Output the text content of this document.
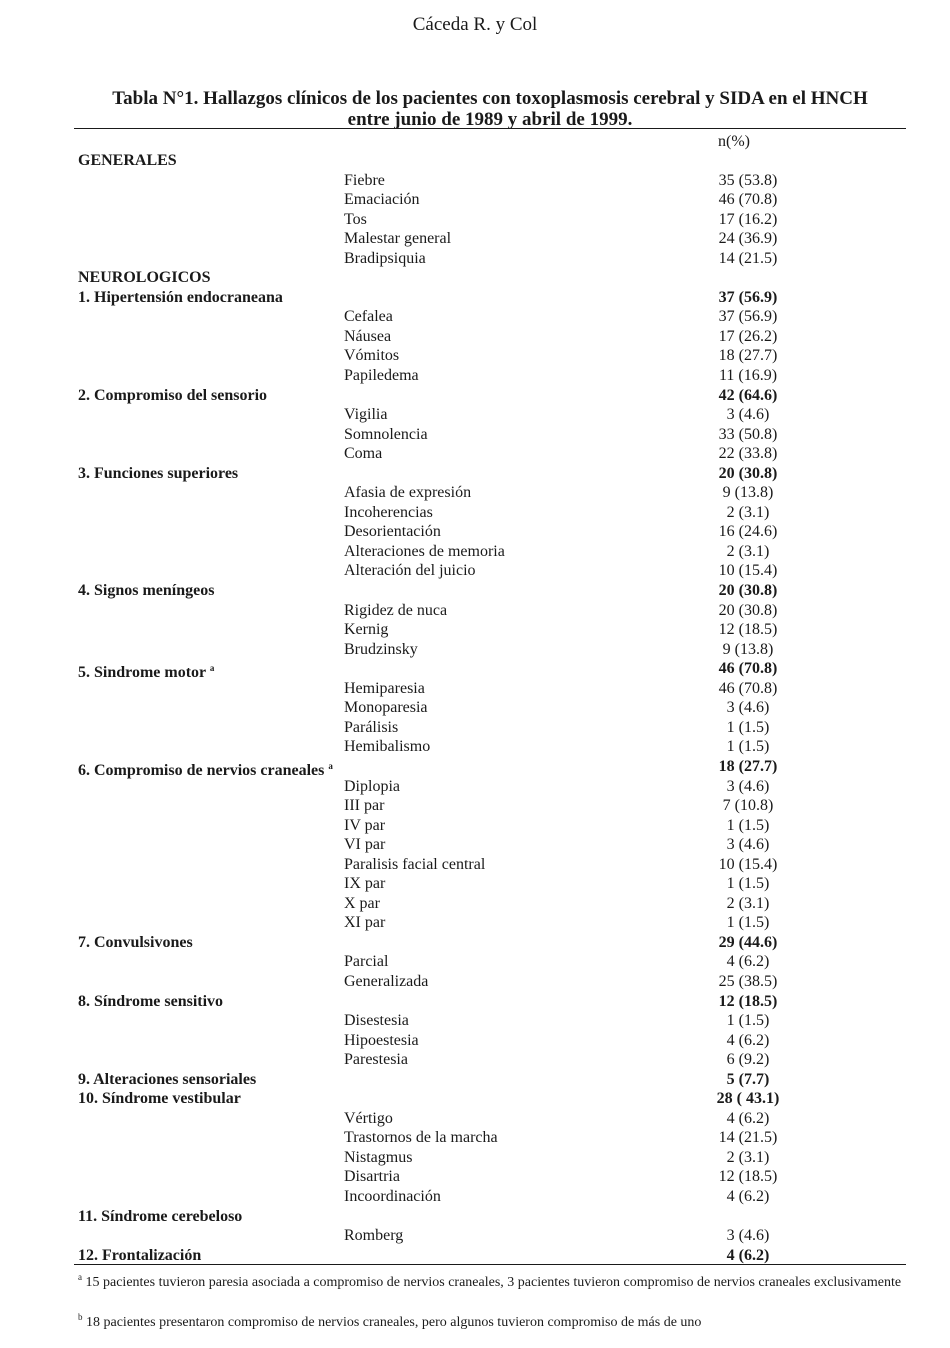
Cáceda R. y Col
Tabla N°1. Hallazgos clínicos de los pacientes con toxoplasmosis cerebral y SIDA en el HNCH
entre junio de 1989 y abril de 1999.
n(%)
GENERALES
Fiebre	35 (53.8)
Emaciación	46 (70.8)
Tos	17 (16.2)
Malestar general	24 (36.9)
Bradipsiquia	14 (21.5)
NEUROLOGICOS
1. Hipertensión endocraneana	37 (56.9)
Cefalea	37 (56.9)
Náusea	17 (26.2)
Vómitos	18 (27.7)
Papiledema	11 (16.9)
2. Compromiso del sensorio	42 (64.6)
Vigilia	3 (4.6)
Somnolencia	33 (50.8)
Coma	22 (33.8)
3. Funciones superiores	20 (30.8)
Afasia de expresión	9 (13.8)
Incoherencias	2 (3.1)
Desorientación	16 (24.6)
Alteraciones de memoria	2 (3.1)
Alteración del juicio	10 (15.4)
4. Signos meníngeos	20 (30.8)
Rigidez de nuca	20 (30.8)
Kernig	12 (18.5)
Brudzinsky	9 (13.8)
5. Sindrome motor $^a$	46 (70.8)
Hemiparesia	46 (70.8)
Monoparesia	3 (4.6)
Parálisis	1 (1.5)
Hemibalismo	1 (1.5)
6. Compromiso de nervios craneales $^a$	18 (27.7)
Diplopia	3 (4.6)
III par	7 (10.8)
IV par	1 (1.5)
VI par	3 (4.6)
Paralisis facial central	10 (15.4)
IX par	1 (1.5)
X par	2 (3.1)
XI par	1 (1.5)
7. Convulsivones	29 (44.6)
Parcial	4 (6.2)
Generalizada	25 (38.5)
8. Síndrome sensitivo	12 (18.5)
Disestesia	1 (1.5)
Hipoestesia	4 (6.2)
Parestesia	6 (9.2)
9. Alteraciones sensoriales	5 (7.7)
10. Síndrome vestibular	28 ( 43.1)
Vértigo	4 (6.2)
Trastornos de la marcha	14 (21.5)
Nistagmus	2 (3.1)
Disartria	12 (18.5)
Incoordinación	4 (6.2)
11. Síndrome cerebeloso
Romberg	3 (4.6)
12. Frontalización	4 (6.2)
$^a$ 15 pacientes tuvieron paresia asociada a compromiso de nervios craneales, 3 pacientes tuvieron compromiso de nervios craneales exclusivamente
$^b$ 18 pacientes presentaron compromiso de nervios craneales, pero algunos tuvieron compromiso de más de uno
